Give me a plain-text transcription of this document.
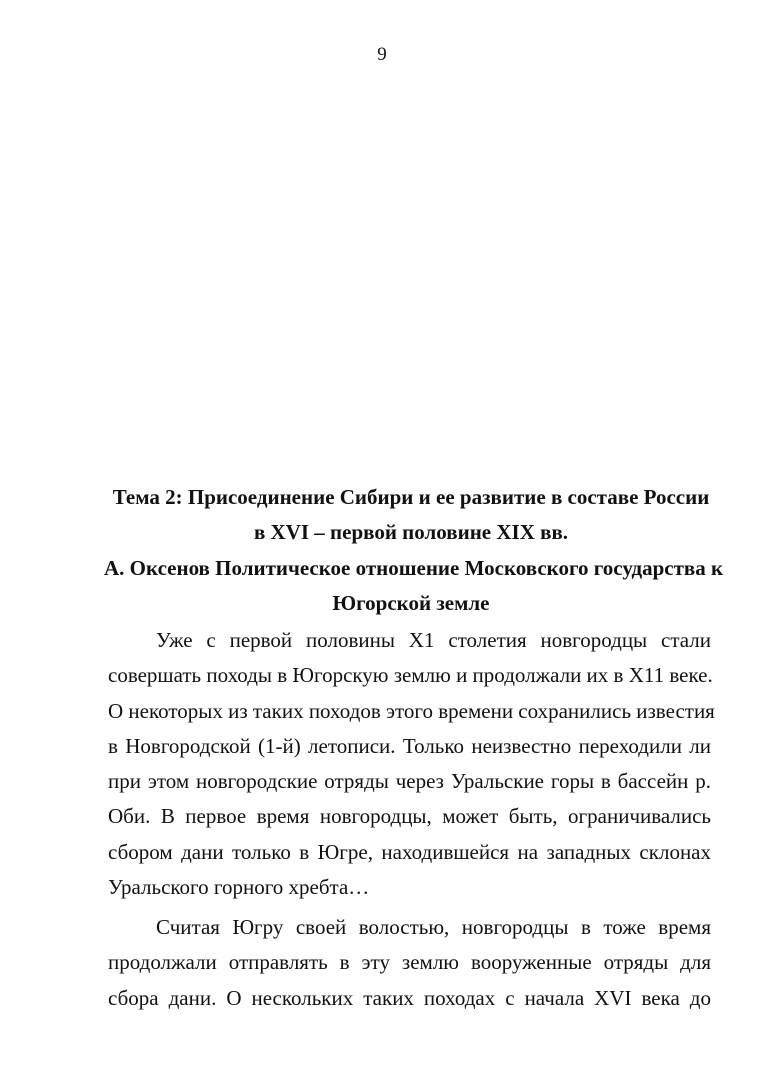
9
Тема 2: Присоединение Сибири и ее развитие в составе России
в XVI – первой половине XIX вв.
А. Оксенов Политическое отношение Московского государства к
Югорской земле
Уже с первой половины X1 столетия новгородцы стали
совершать походы в Югорскую землю и продолжали их в X11 веке.
О некоторых из таких походов этого времени сохранились известия
в Новгородской (1-й) летописи. Только неизвестно переходили ли
при этом новгородские отряды через Уральские горы в бассейн р.
Оби. В первое время новгородцы, может быть, ограничивались
сбором дани только в Югре, находившейся на западных склонах
Уральского горного хребта…
Считая Югру своей волостью, новгородцы в тоже время
продолжали отправлять в эту землю вооруженные отряды для
сбора дани. О нескольких таких походах с начала XVI века до
